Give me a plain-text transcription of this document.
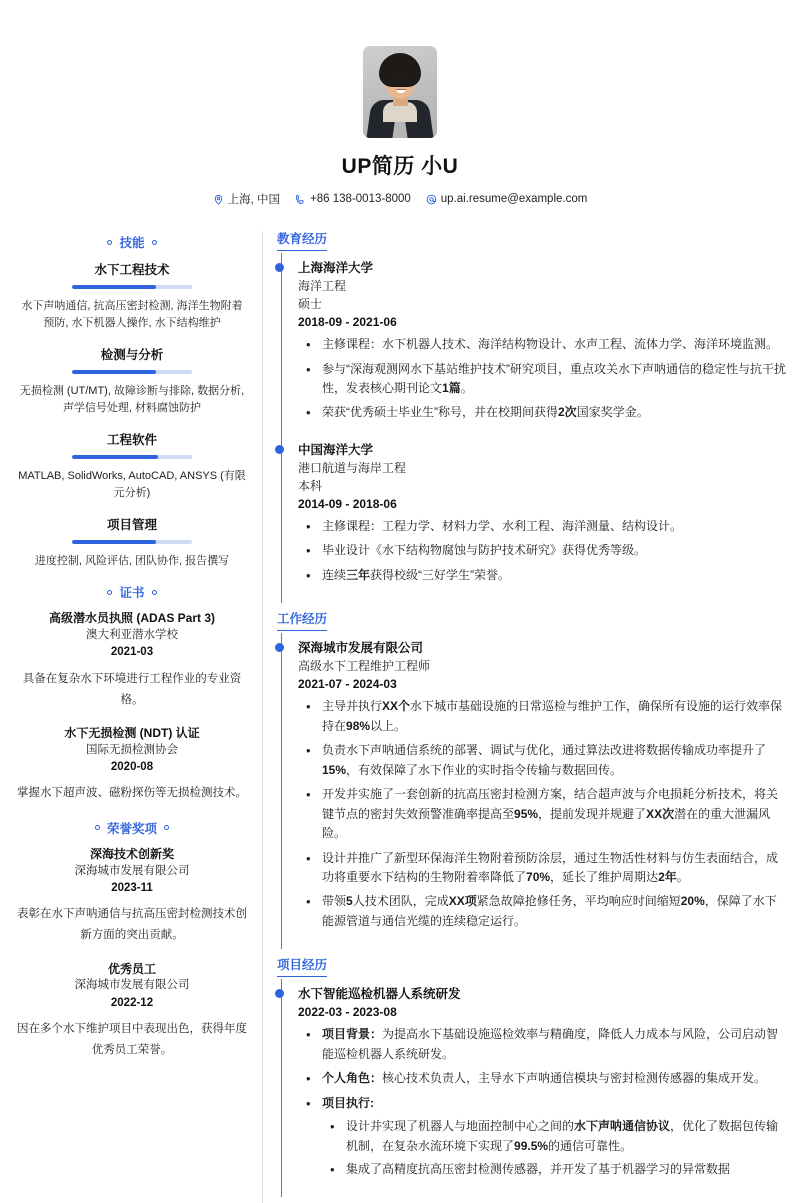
UP简历 小U
上海, 中国	+86 138-0013-8000	up.ai.resume@example.com
技能
水下工程技术
水下声呐通信, 抗高压密封检测, 海洋生物附着预防, 水下机器人操作, 水下结构维护
检测与分析
无损检测 (UT/MT), 故障诊断与排除, 数据分析, 声学信号处理, 材料腐蚀防护
工程软件
MATLAB, SolidWorks, AutoCAD, ANSYS (有限元分析)
项目管理
进度控制, 风险评估, 团队协作, 报告撰写
证书
高级潜水员执照 (ADAS Part 3)
澳大利亚潜水学校
2021-03
具备在复杂水下环境进行工程作业的专业资格。
水下无损检测 (NDT) 认证
国际无损检测协会
2020-08
掌握水下超声波、磁粉探伤等无损检测技术。
荣誉奖项
深海技术创新奖
深海城市发展有限公司
2023-11
表彰在水下声呐通信与抗高压密封检测技术创新方面的突出贡献。
优秀员工
深海城市发展有限公司
2022-12
因在多个水下维护项目中表现出色，获得年度优秀员工荣誉。
教育经历
上海海洋大学
海洋工程
硕士
2018-09 - 2021-06
• 主修课程：水下机器人技术、海洋结构物设计、水声工程、流体力学、海洋环境监测。
• 参与“深海观测网水下基站维护技术”研究项目，重点攻关水下声呐通信的稳定性与抗干扰性，发表核心期刊论文1篇。
• 荣获“优秀硕士毕业生”称号，并在校期间获得2次国家奖学金。
中国海洋大学
港口航道与海岸工程
本科
2014-09 - 2018-06
• 主修课程：工程力学、材料力学、水利工程、海洋测量、结构设计。
• 毕业设计《水下结构物腐蚀与防护技术研究》获得优秀等级。
• 连续三年获得校级“三好学生”荣誉。
工作经历
深海城市发展有限公司
高级水下工程维护工程师
2021-07 - 2024-03
• 主导并执行XX个水下城市基础设施的日常巡检与维护工作，确保所有设施的运行效率保持在98%以上。
• 负责水下声呐通信系统的部署、调试与优化，通过算法改进将数据传输成功率提升了15%，有效保障了水下作业的实时指令传输与数据回传。
• 开发并实施了一套创新的抗高压密封检测方案，结合超声波与介电损耗分析技术，将关键节点的密封失效预警准确率提高至95%，提前发现并规避了XX次潜在的重大泄漏风险。
• 设计并推广了新型环保海洋生物附着预防涂层，通过生物活性材料与仿生表面结合，成功将重要水下结构的生物附着率降低了70%，延长了维护周期达2年。
• 带领5人技术团队，完成XX项紧急故障抢修任务，平均响应时间缩短20%，保障了水下能源管道与通信光缆的连续稳定运行。
项目经历
水下智能巡检机器人系统研发
2022-03 - 2023-08
• 项目背景：为提高水下基础设施巡检效率与精确度，降低人力成本与风险，公司启动智能巡检机器人系统研发。
• 个人角色：核心技术负责人，主导水下声呐通信模块与密封检测传感器的集成开发。
• 项目执行:
• 设计并实现了机器人与地面控制中心之间的水下声呐通信协议，优化了数据包传输机制，在复杂水流环境下实现了99.5%的通信可靠性。
• 集成了高精度抗高压密封检测传感器，并开发了基于机器学习的异常数据
